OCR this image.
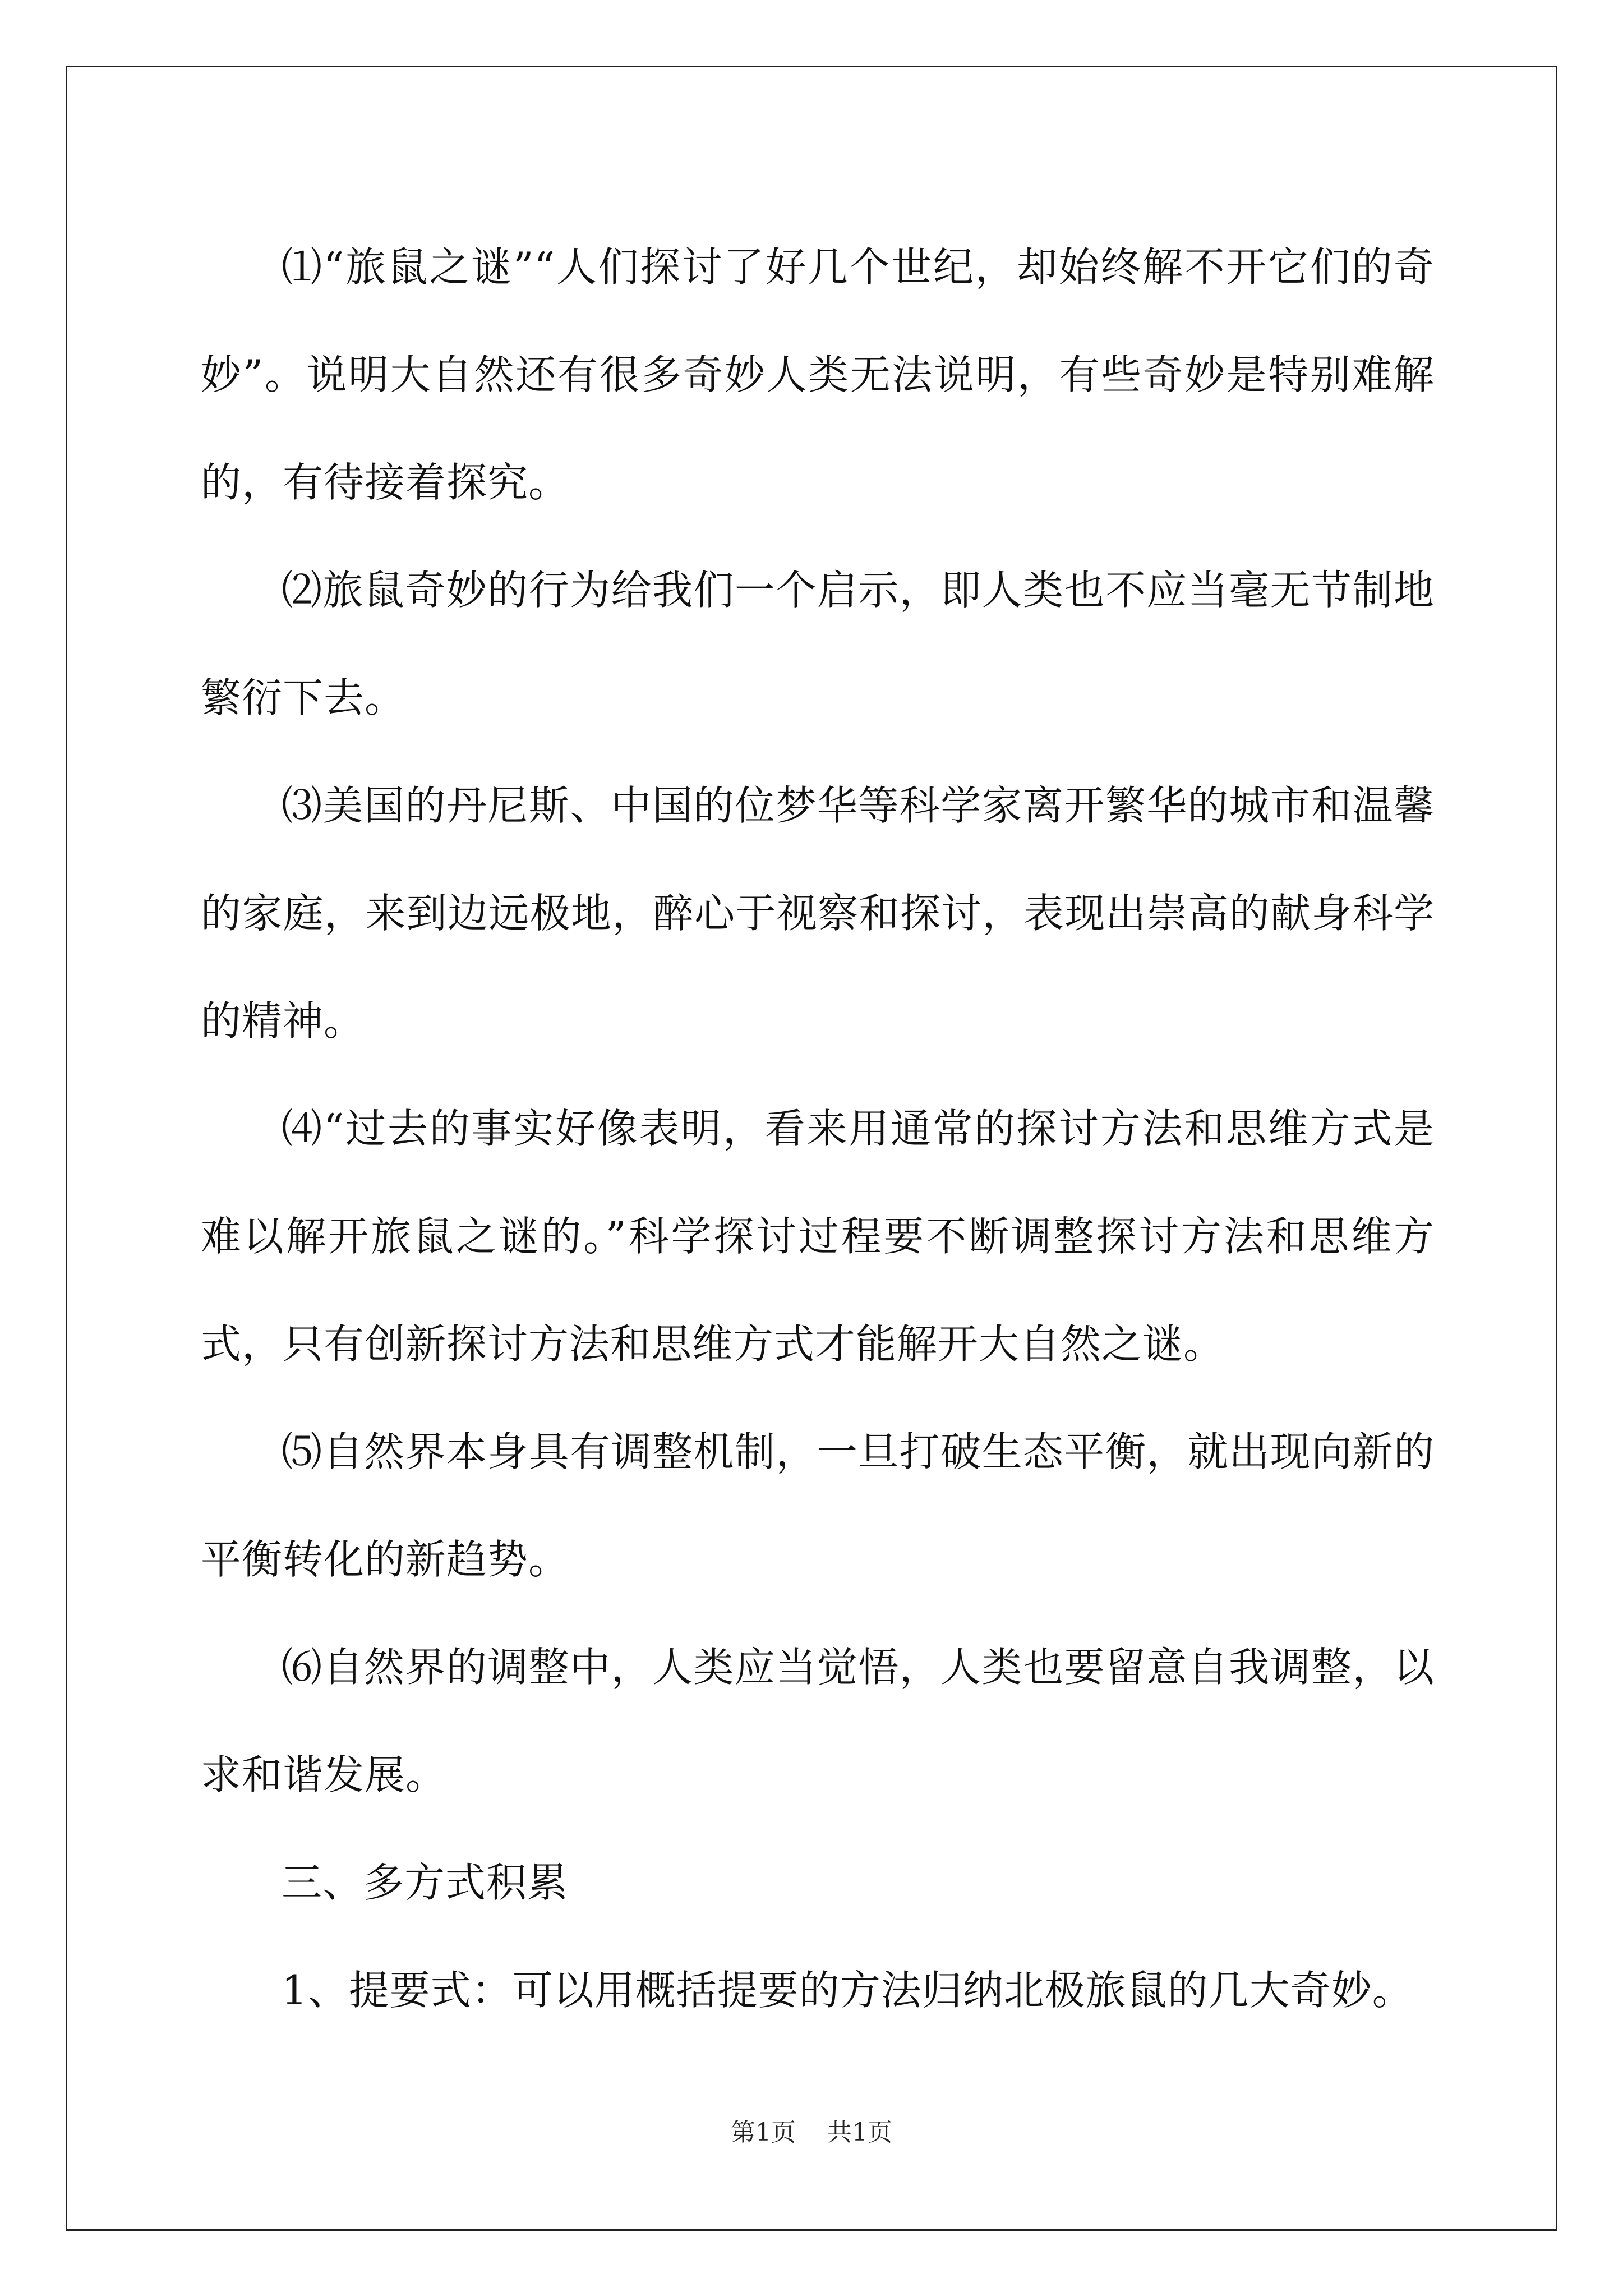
⑴“旅鼠之谜”“人们探讨了好几个世纪，却始终解不开它们的奇妙”。说明大自然还有很多奇妙人类无法说明，有些奇妙是特别难解的，有待接着探究。

⑵旅鼠奇妙的行为给我们一个启示，即人类也不应当毫无节制地繁衍下去。

⑶美国的丹尼斯、中国的位梦华等科学家离开繁华的城市和温馨的家庭，来到边远极地，醉心于视察和探讨，表现出崇高的献身科学的精神。

⑷“过去的事实好像表明，看来用通常的探讨方法和思维方式是难以解开旅鼠之谜的。”科学探讨过程要不断调整探讨方法和思维方式，只有创新探讨方法和思维方式才能解开大自然之谜。

⑸自然界本身具有调整机制，一旦打破生态平衡，就出现向新的平衡转化的新趋势。

⑹自然界的调整中，人类应当觉悟，人类也要留意自我调整，以求和谐发展。

三、多方式积累

1、提要式：可以用概括提要的方法归纳北极旅鼠的几大奇妙。

第1页 共1页
